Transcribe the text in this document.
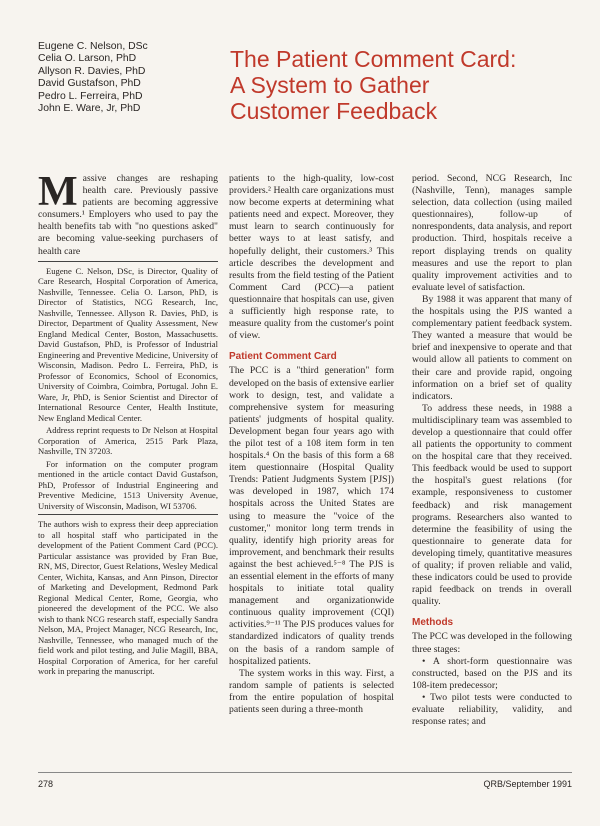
Eugene C. Nelson, DSc
Celia O. Larson, PhD
Allyson R. Davies, PhD
David Gustafson, PhD
Pedro L. Ferreira, PhD
John E. Ware, Jr, PhD
The Patient Comment Card:
A System to Gather
Customer Feedback

Massive changes are reshaping health care. Previously passive patients are becoming aggressive consumers.¹ Employers who used to pay the health benefits tab with "no questions asked" are becoming value-seeking purchasers of health care

Eugene C. Nelson, DSc, is Director, Quality of Care Research, Hospital Corporation of America, Nashville, Tennessee. Celia O. Larson, PhD, is Director of Statistics, NCG Research, Inc, Nashville, Tennessee. Allyson R. Davies, PhD, is Director, Department of Quality Assessment, New England Medical Center, Boston, Massachusetts. David Gustafson, PhD, is Professor of Industrial Engineering and Preventive Medicine, University of Wisconsin, Madison. Pedro L. Ferreira, PhD, is Professor of Economics, School of Economics, University of Coimbra, Coimbra, Portugal. John E. Ware, Jr, PhD, is Senior Scientist and Director of International Resource Center, Health Institute, New England Medical Center.

Address reprint requests to Dr Nelson at Hospital Corporation of America, 2515 Park Plaza, Nashville, TN 37203.

For information on the computer program mentioned in the article contact David Gustafson, PhD, Professor of Industrial Engineering and Preventive Medicine, 1513 University Avenue, University of Wisconsin, Madison, WI 53706.

The authors wish to express their deep appreciation to all hospital staff who participated in the development of the Patient Comment Card (PCC). Particular assistance was provided by Fran Bue, RN, MS, Director, Guest Relations, Wesley Medical Center, Wichita, Kansas, and Ann Pinson, Director of Marketing and Development, Redmond Park Regional Medical Center, Rome, Georgia, who pioneered the development of the PCC. We also wish to thank NCG research staff, especially Sandra Nelson, MA, Project Manager, NCG Research, Inc, Nashville, Tennessee, who managed much of the field work and pilot testing, and Julie Magill, BBA, Hospital Corporation of America, for her careful work in preparing the manuscript.

patients to the high-quality, low-cost providers.² Health care organizations must now become experts at determining what patients need and expect. Moreover, they must learn to search continuously for better ways to at least satisfy, and hopefully delight, their customers.³ This article describes the development and results from the field testing of the Patient Comment Card (PCC)—a patient questionnaire that hospitals can use, given a sufficiently high response rate, to measure quality from the customer's point of view.

Patient Comment Card

The PCC is a "third generation" form developed on the basis of extensive earlier work to design, test, and validate a comprehensive system for measuring patients' judgments of hospital quality. Development began four years ago with the pilot test of a 108 item form in ten hospitals.⁴ On the basis of this form a 68 item questionnaire (Hospital Quality Trends: Patient Judgments System [PJS]) was developed in 1987, which 174 hospitals across the United States are using to measure the "voice of the customer," monitor long term trends in quality, identify high priority areas for improvement, and benchmark their results against the best achieved.⁵⁻⁸ The PJS is an essential element in the efforts of many hospitals to initiate total quality management and organizationwide continuous quality improvement (CQI) activities.⁹⁻¹¹ The PJS produces values for standardized indicators of quality trends on the basis of a random sample of hospitalized patients.

The system works in this way. First, a random sample of patients is selected from the entire population of hospital patients seen during a three-month

period. Second, NCG Research, Inc (Nashville, Tenn), manages sample selection, data collection (using mailed questionnaires), follow-up of nonrespondents, data analysis, and report production. Third, hospitals receive a report displaying trends on quality measures and use the report to plan quality improvement activities and to evaluate level of satisfaction.

By 1988 it was apparent that many of the hospitals using the PJS wanted a complementary patient feedback system. They wanted a measure that would be brief and inexpensive to operate and that would allow all patients to comment on their care and provide rapid, ongoing information on a brief set of quality indicators.

To address these needs, in 1988 a multidisciplinary team was assembled to develop a questionnaire that could offer all patients the opportunity to comment on the hospital care that they received. This feedback would be used to support the hospital's guest relations (for example, responsiveness to customer feedback) and risk management programs. Researchers also wanted to determine the feasibility of using the questionnaire to generate data for developing timely, quantitative measures of quality; if proven reliable and valid, these indicators could be used to provide rapid feedback on trends in overall quality.

Methods

The PCC was developed in the following three stages:

• A short-form questionnaire was constructed, based on the PJS and its 108-item predecessor;

• Two pilot tests were conducted to evaluate reliability, validity, and response rates; and

278	QRB/September 1991
